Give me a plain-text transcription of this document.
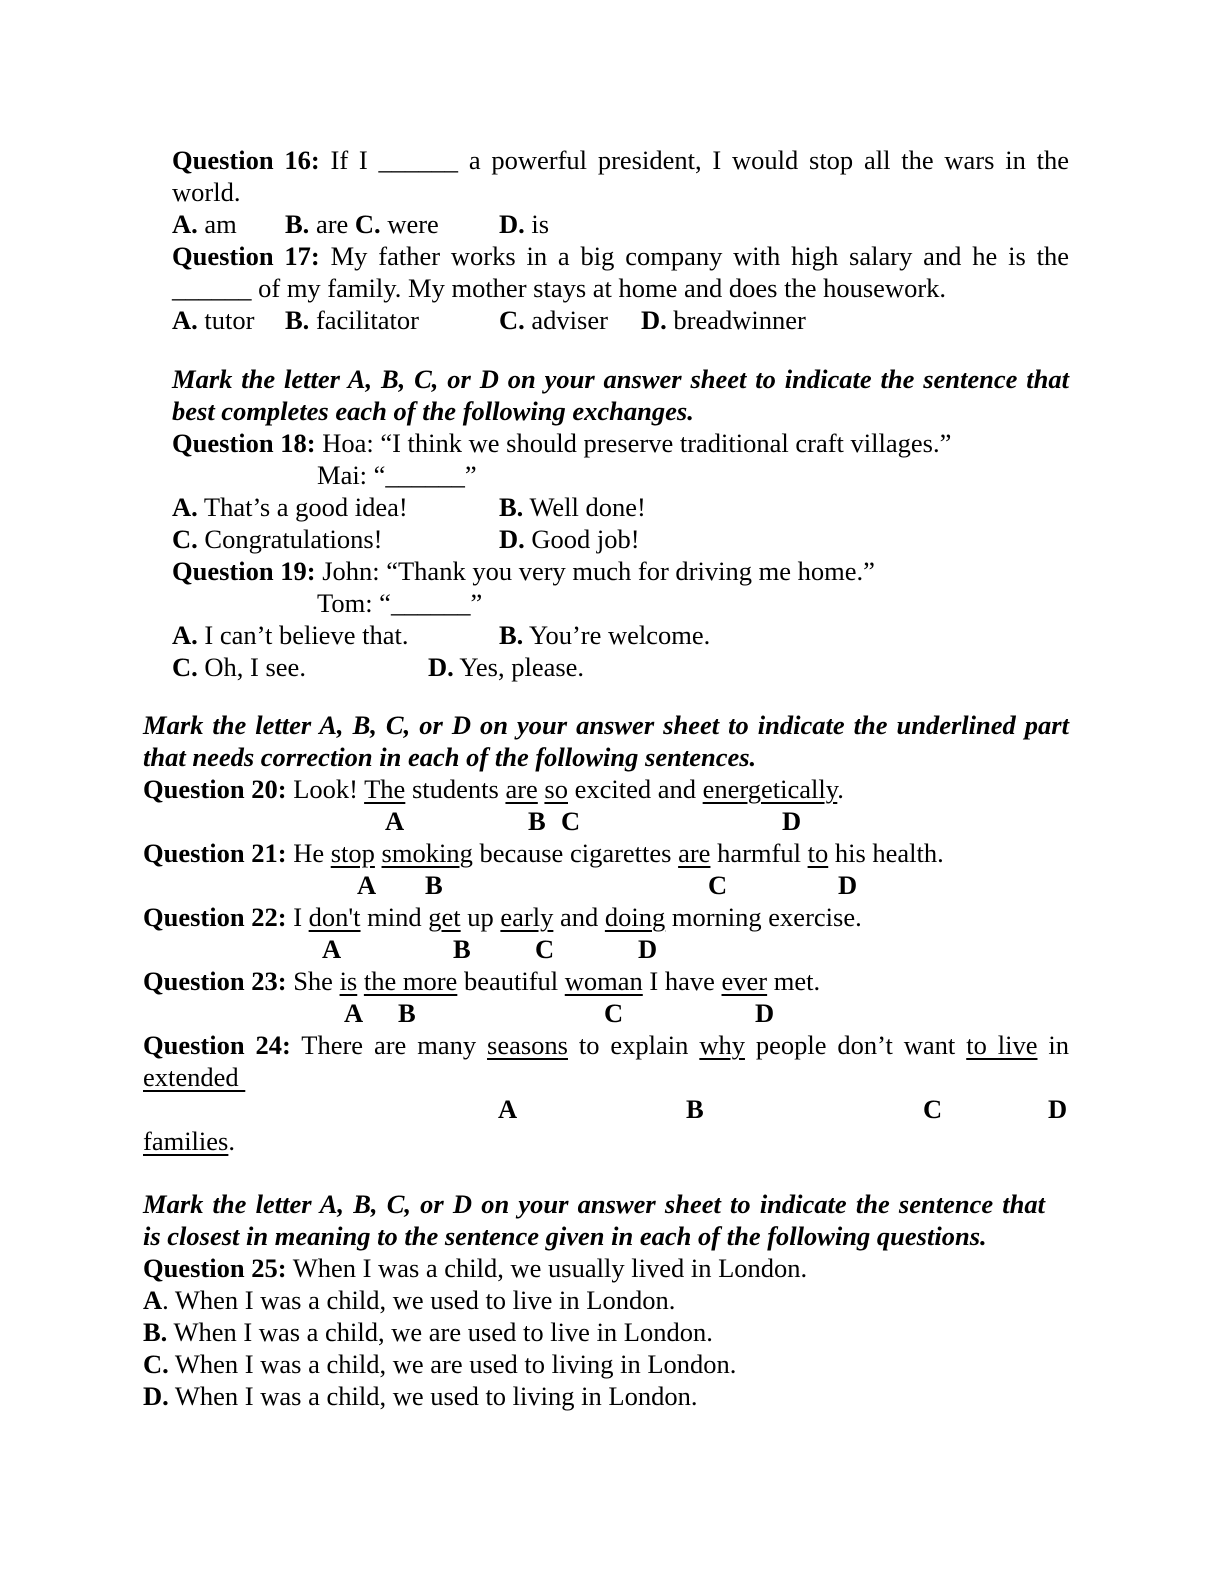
Question 16: If I ______ a powerful president, I would stop all the wars in the
world.
A. am B. are C. were D. is
Question 17: My father works in a big company with high salary and he is the
______ of my family. My mother stays at home and does the housework.
A. tutor B. facilitator	C. adviser D. breadwinner
Mark the letter A, B, C, or D on your answer sheet to indicate the sentence that
best completes each of the following exchanges.
Question 18: Hoa: “I think we should preserve traditional craft villages.”
Mai: “______”
A. That’s a good idea!	B. Well done!
C. Congratulations!	D. Good job!
Question 19: John: “Thank you very much for driving me home.”
Tom: “______”
A. I can’t believe that.	B. You’re welcome.
C. Oh, I see.	D. Yes, please.
Mark the letter A, B, C, or D on your answer sheet to indicate the underlined part
that needs correction in each of the following sentences.
Question 20: Look! The students are so excited and energetically.
A	B C	D
Question 21: He stop smoking because cigarettes are harmful to his health.
A B	C	D
Question 22: I don't mind get up early and doing morning exercise.
A	B C	D
Question 23: She is the more beautiful woman I have ever met.
A B	C	D
Question 24: There are many seasons to explain why people don’t want to live in
extended
A	B	C	D
families.
Mark the letter A, B, C, or D on your answer sheet to indicate the sentence that
is closest in meaning to the sentence given in each of the following questions.
Question 25: When I was a child, we usually lived in London.
A. When I was a child, we used to live in London.
B. When I was a child, we are used to live in London.
C. When I was a child, we are used to living in London.
D. When I was a child, we used to living in London.
